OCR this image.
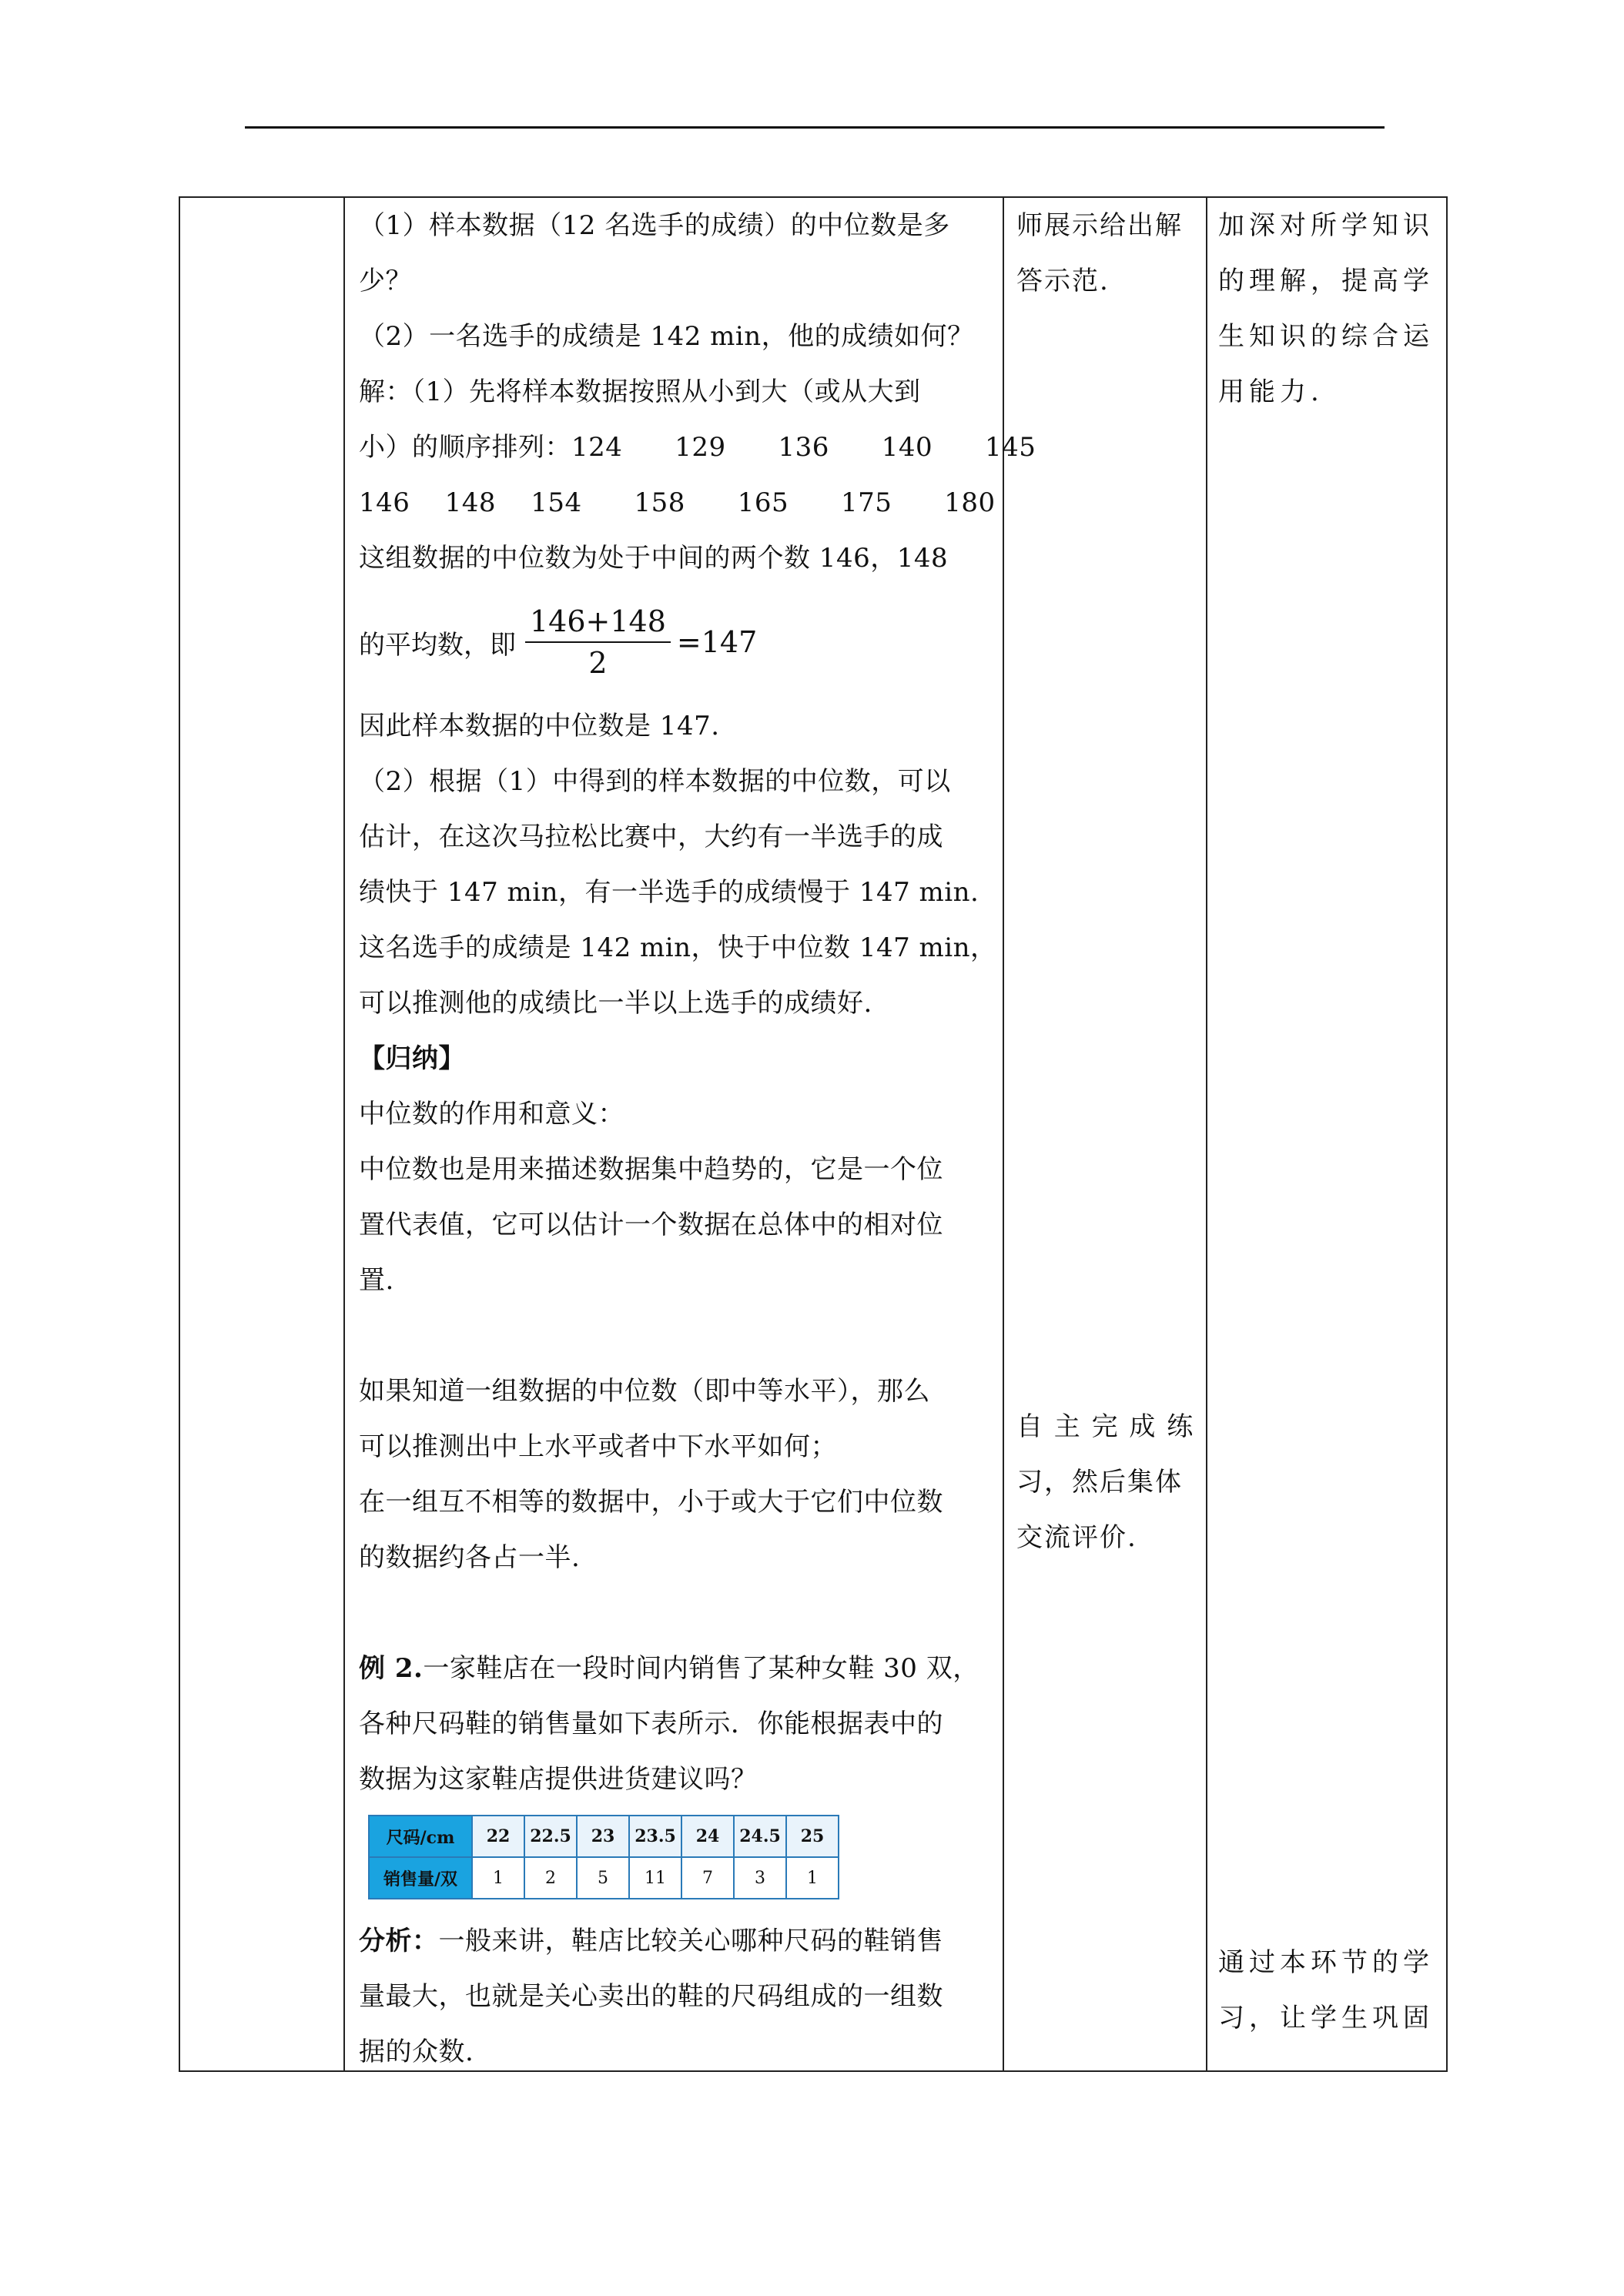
（1）样本数据（12 名选手的成绩）的中位数是多

少？

（2）一名选手的成绩是 142 min，他的成绩如何？

解：（1）先将样本数据按照从小到大（或从大到

小）的顺序排列：124      129      136      140      145

146    148    154      158      165      175      180

这组数据的中位数为处于中间的两个数 146，148

的平均数，即 $\frac{146+148}{2} =147$

因此样本数据的中位数是 147.

（2）根据（1）中得到的样本数据的中位数，可以

估计，在这次马拉松比赛中，大约有一半选手的成

绩快于 147 min，有一半选手的成绩慢于 147 min.

这名选手的成绩是 142 min，快于中位数 147 min，

可以推测他的成绩比一半以上选手的成绩好.

【归纳】

中位数的作用和意义：

中位数也是用来描述数据集中趋势的，它是一个位

置代表值，它可以估计一个数据在总体中的相对位

置.

如果知道一组数据的中位数（即中等水平），那么

可以推测出中上水平或者中下水平如何；

在一组互不相等的数据中，小于或大于它们中位数

的数据约各占一半.

例 2.一家鞋店在一段时间内销售了某种女鞋 30 双，

各种尺码鞋的销售量如下表所示．你能根据表中的

数据为这家鞋店提供进货建议吗？

尺码/cm	22	22.5	23	23.5	24	24.5	25
销售量/双	1	2	5	11	7	3	1

分析：一般来讲，鞋店比较关心哪种尺码的鞋销售

量最大，也就是关心卖出的鞋的尺码组成的一组数

据的众数.

师展示给出解

答示范.

自 主 完 成 练

习，然后集体

交流评价.

加深对所学知识

的理解，提高学

生知识的综合运

用能力.

通过本环节的学

习，让学生巩固
